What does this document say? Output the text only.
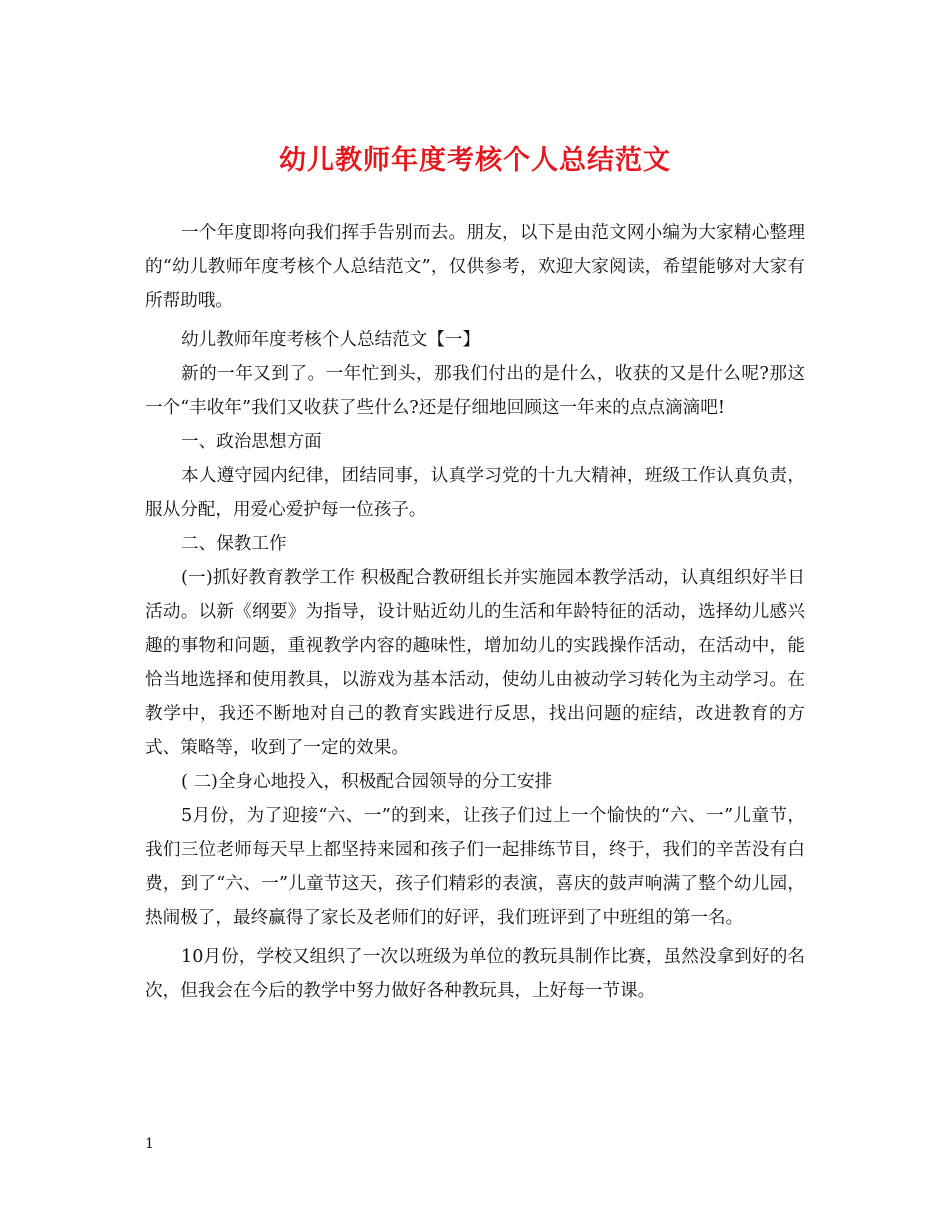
幼儿教师年度考核个人总结范文

一个年度即将向我们挥手告别而去。朋友，以下是由范文网小编为大家精心整理的“幼儿教师年度考核个人总结范文”，仅供参考，欢迎大家阅读，希望能够对大家有所帮助哦。

幼儿教师年度考核个人总结范文【一】

新的一年又到了。一年忙到头，那我们付出的是什么，收获的又是什么呢?那这一个“丰收年”我们又收获了些什么?还是仔细地回顾这一年来的点点滴滴吧!

一、政治思想方面

本人遵守园内纪律，团结同事，认真学习党的十九大精神，班级工作认真负责，服从分配，用爱心爱护每一位孩子。

二、保教工作

(一)抓好教育教学工作 积极配合教研组长并实施园本教学活动，认真组织好半日活动。以新《纲要》为指导，设计贴近幼儿的生活和年龄特征的活动，选择幼儿感兴趣的事物和问题，重视教学内容的趣味性，增加幼儿的实践操作活动，在活动中，能恰当地选择和使用教具，以游戏为基本活动，使幼儿由被动学习转化为主动学习。在教学中，我还不断地对自己的教育实践进行反思，找出问题的症结，改进教育的方式、策略等，收到了一定的效果。

( 二)全身心地投入，积极配合园领导的分工安排

5月份，为了迎接“六、一”的到来，让孩子们过上一个愉快的“六、一”儿童节，我们三位老师每天早上都坚持来园和孩子们一起排练节目，终于，我们的辛苦没有白费，到了“六、一”儿童节这天，孩子们精彩的表演，喜庆的鼓声响满了整个幼儿园，热闹极了，最终赢得了家长及老师们的好评，我们班评到了中班组的第一名。

10月份，学校又组织了一次以班级为单位的教玩具制作比赛，虽然没拿到好的名次，但我会在今后的教学中努力做好各种教玩具，上好每一节课。

1
